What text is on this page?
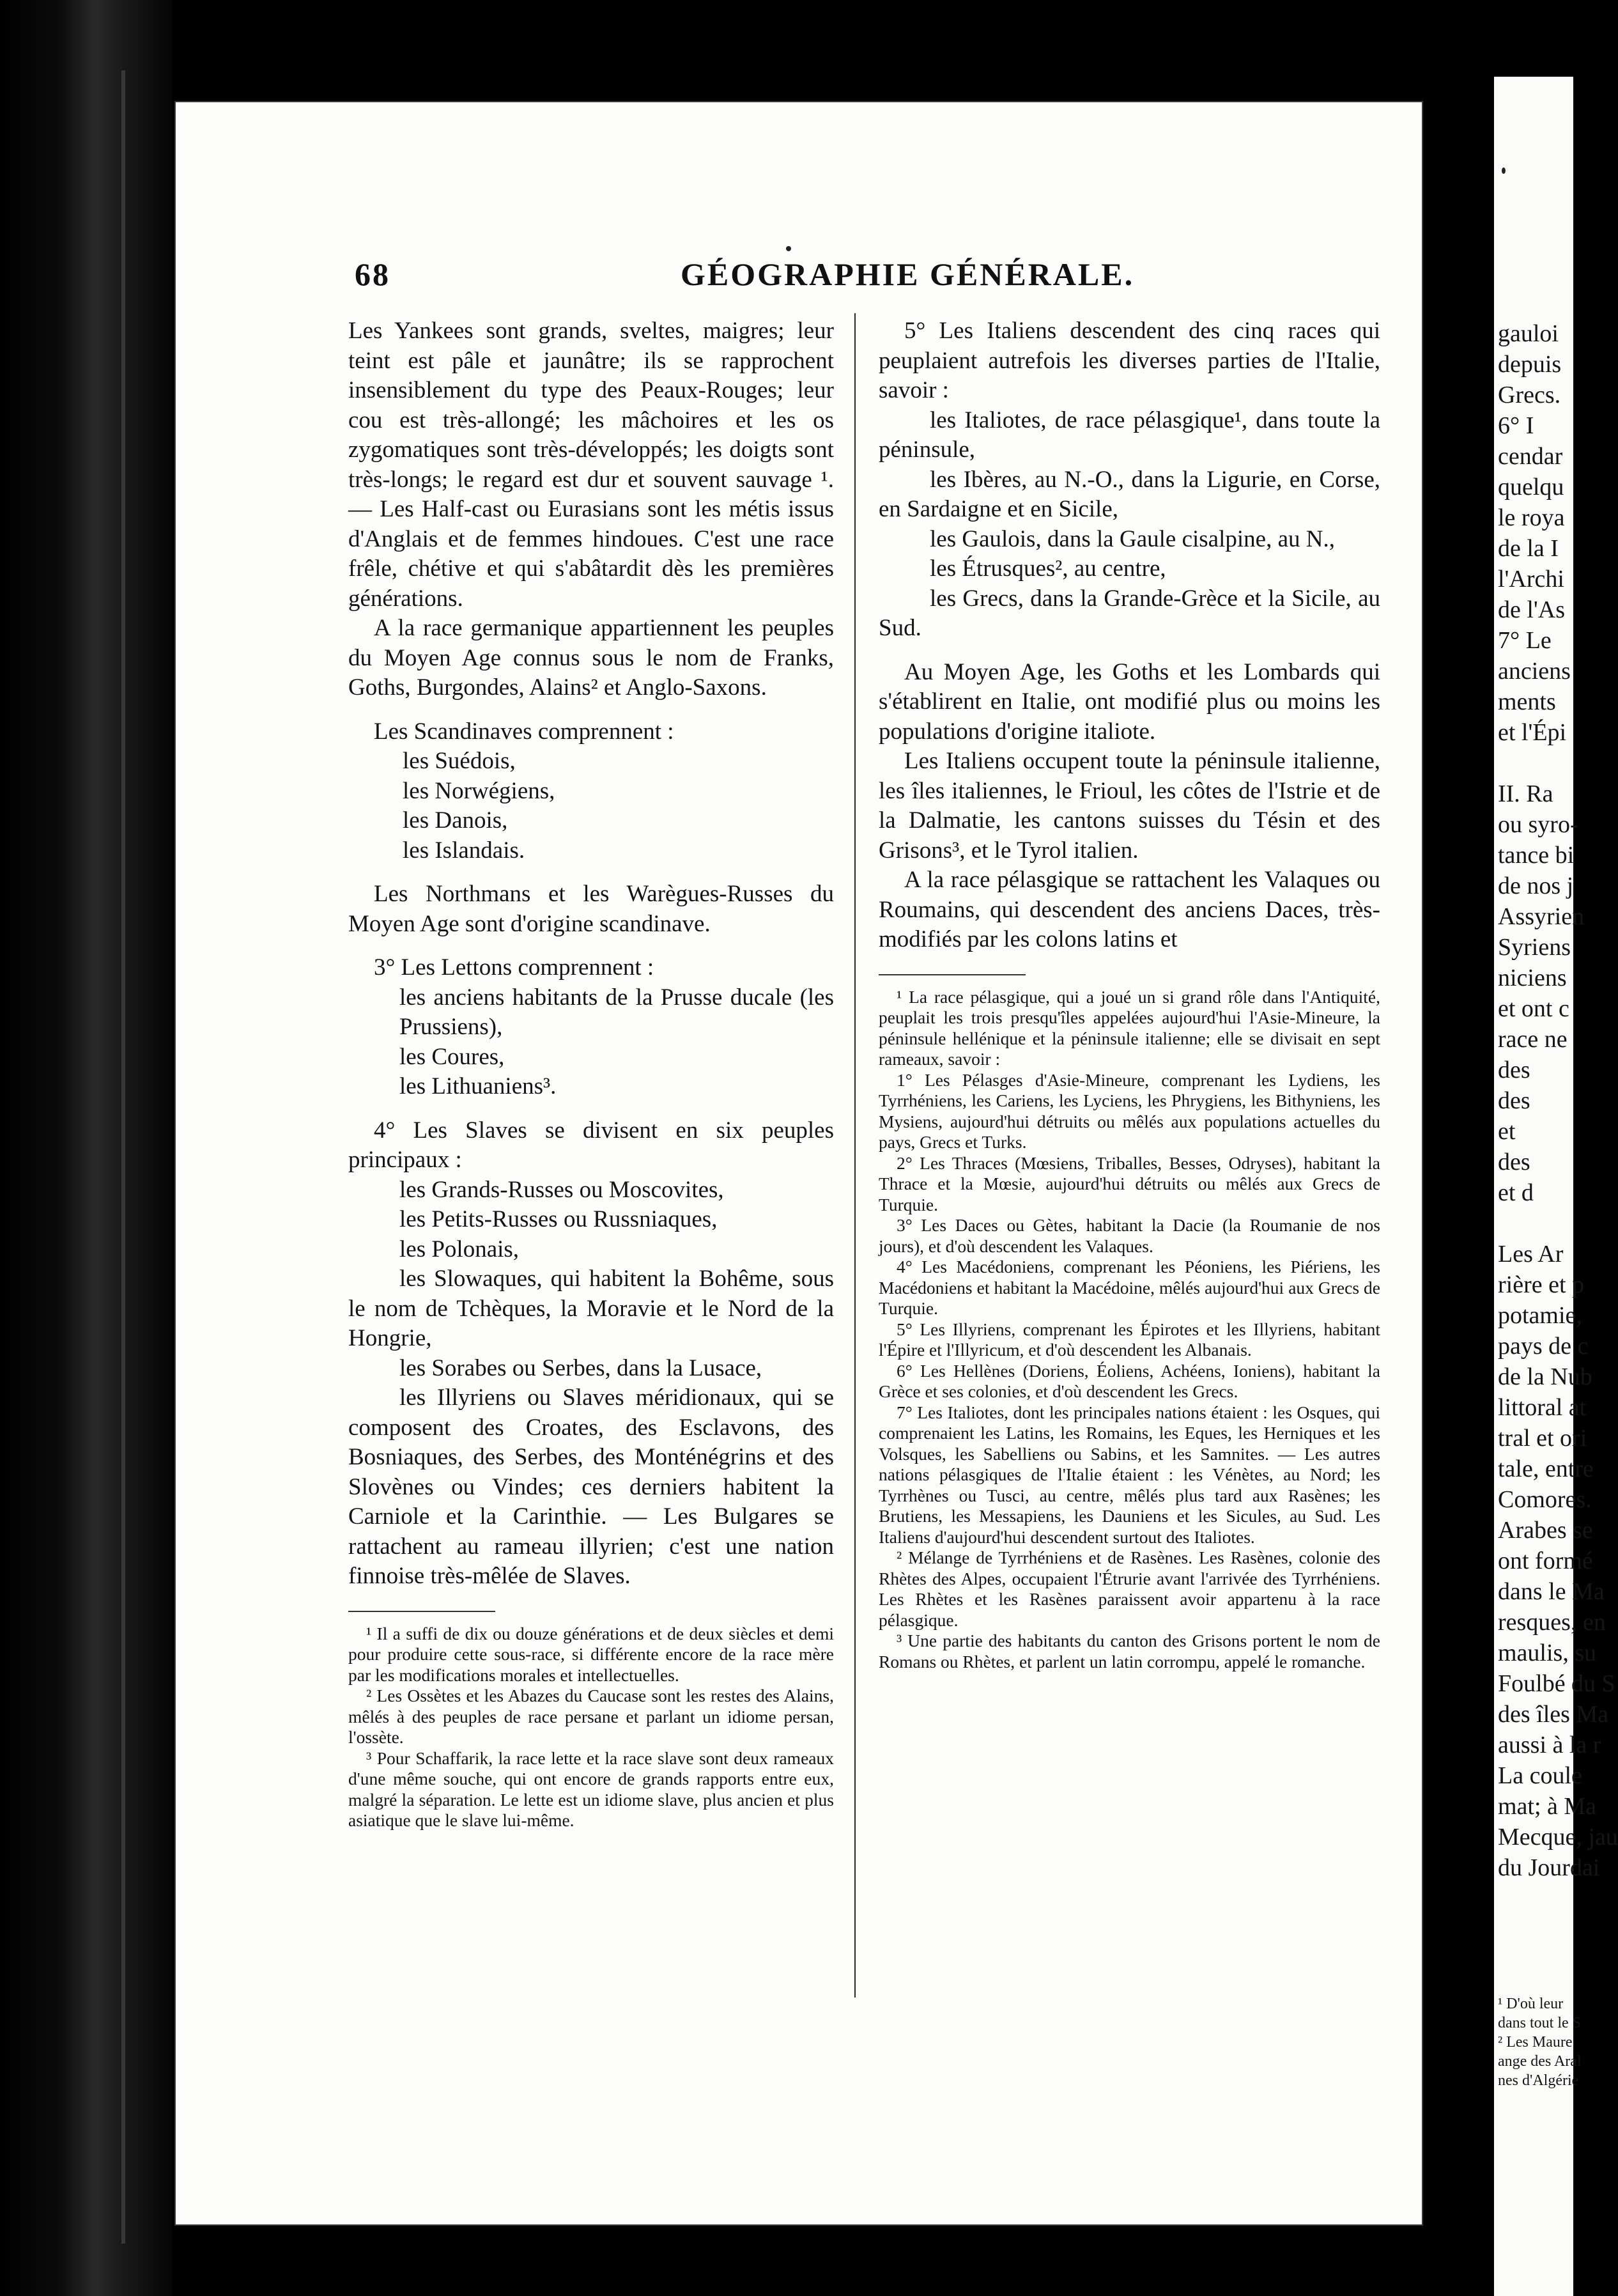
68	GÉOGRAPHIE GÉNÉRALE.

Les Yankees sont grands, sveltes, maigres; leur teint est pâle et jaunâtre; ils se rapprochent insensiblement du type des Peaux-Rouges; leur cou est très-allongé; les mâchoires et les os zygomatiques sont très-développés; les doigts sont très-longs; le regard est dur et souvent sauvage ¹. — Les Half-cast ou Eurasians sont les métis issus d'Anglais et de femmes hindoues. C'est une race frêle, chétive et qui s'abâtardit dès les premières générations.

A la race germanique appartiennent les peuples du Moyen Age connus sous le nom de Franks, Goths, Burgondes, Alains² et Anglo-Saxons.

Les Scandinaves comprennent :

les Suédois,

les Norwégiens,

les Danois,

les Islandais.

Les Northmans et les Warègues-Russes du Moyen Age sont d'origine scandinave.

3° Les Lettons comprennent :

les anciens habitants de la Prusse ducale (les Prussiens),

les Coures,

les Lithuaniens³.

4° Les Slaves se divisent en six peuples principaux :

les Grands-Russes ou Moscovites,

les Petits-Russes ou Russniaques,

les Polonais,

les Slowaques, qui habitent la Bohême, sous le nom de Tchèques, la Moravie et le Nord de la Hongrie,

les Sorabes ou Serbes, dans la Lusace,

les Illyriens ou Slaves méridionaux, qui se composent des Croates, des Esclavons, des Bosniaques, des Serbes, des Monténégrins et des Slovènes ou Vindes; ces derniers habitent la Carniole et la Carinthie. — Les Bulgares se rattachent au rameau illyrien; c'est une nation finnoise très-mêlée de Slaves.

¹ Il a suffi de dix ou douze générations et de deux siècles et demi pour produire cette sous-race, si différente encore de la race mère par les modifications morales et intellectuelles.

² Les Ossètes et les Abazes du Caucase sont les restes des Alains, mêlés à des peuples de race persane et parlant un idiome persan, l'ossète.

³ Pour Schaffarik, la race lette et la race slave sont deux rameaux d'une même souche, qui ont encore de grands rapports entre eux, malgré la séparation. Le lette est un idiome slave, plus ancien et plus asiatique que le slave lui-même.

5° Les Italiens descendent des cinq races qui peuplaient autrefois les diverses parties de l'Italie, savoir :

les Italiotes, de race pélasgique¹, dans toute la péninsule,

les Ibères, au N.-O., dans la Ligurie, en Corse, en Sardaigne et en Sicile,

les Gaulois, dans la Gaule cisalpine, au N.,

les Étrusques², au centre,

les Grecs, dans la Grande-Grèce et la Sicile, au Sud.

Au Moyen Age, les Goths et les Lombards qui s'établirent en Italie, ont modifié plus ou moins les populations d'origine italiote.

Les Italiens occupent toute la péninsule italienne, les îles italiennes, le Frioul, les côtes de l'Istrie et de la Dalmatie, les cantons suisses du Tésin et des Grisons³, et le Tyrol italien.

A la race pélasgique se rattachent les Valaques ou Roumains, qui descendent des anciens Daces, très-modifiés par les colons latins et

¹ La race pélasgique, qui a joué un si grand rôle dans l'Antiquité, peuplait les trois presqu'îles appelées aujourd'hui l'Asie-Mineure, la péninsule hellénique et la péninsule italienne; elle se divisait en sept rameaux, savoir :

1° Les Pélasges d'Asie-Mineure, comprenant les Lydiens, les Tyrrhéniens, les Cariens, les Lyciens, les Phrygiens, les Bithyniens, les Mysiens, aujourd'hui détruits ou mêlés aux populations actuelles du pays, Grecs et Turks.

2° Les Thraces (Mœsiens, Triballes, Besses, Odryses), habitant la Thrace et la Mœsie, aujourd'hui détruits ou mêlés aux Grecs de Turquie.

3° Les Daces ou Gètes, habitant la Dacie (la Roumanie de nos jours), et d'où descendent les Valaques.

4° Les Macédoniens, comprenant les Péoniens, les Piériens, les Macédoniens et habitant la Macédoine, mêlés aujourd'hui aux Grecs de Turquie.

5° Les Illyriens, comprenant les Épirotes et les Illyriens, habitant l'Épire et l'Illyricum, et d'où descendent les Albanais.

6° Les Hellènes (Doriens, Éoliens, Achéens, Ioniens), habitant la Grèce et ses colonies, et d'où descendent les Grecs.

7° Les Italiotes, dont les principales nations étaient : les Osques, qui comprenaient les Latins, les Romains, les Eques, les Herniques et les Volsques, les Sabelliens ou Sabins, et les Samnites. — Les autres nations pélasgiques de l'Italie étaient : les Vénètes, au Nord; les Tyrrhènes ou Tusci, au centre, mêlés plus tard aux Rasènes; les Brutiens, les Messapiens, les Dauniens et les Sicules, au Sud. Les Italiens d'aujourd'hui descendent surtout des Italiotes.

² Mélange de Tyrrhéniens et de Rasènes. Les Rasènes, colonie des Rhètes des Alpes, occupaient l'Étrurie avant l'arrivée des Tyrrhéniens. Les Rhètes et les Rasènes paraissent avoir appartenu à la race pélasgique.

³ Une partie des habitants du canton des Grisons portent le nom de Romans ou Rhètes, et parlent un latin corrompu, appelé le romanche.

gauloi
depuis
Grecs.
6° I
cendar
quelqu
le roya
de la I
l'Archi
de l'As
7° Le
anciens
ments
et l'Épi

II. Ra
ou syro-
tance bi
de nos j
Assyrien
Syriens
niciens
et ont c
race ne
des
des
et
des
et d

Les Ar
rière et p
potamie,
pays de c
de la Nub
littoral at
tral et ori
tale, entre
Comores.
Arabes se
ont formé
dans le Ma
resques, en
maulis, su
Foulbé du S
des îles Ma
aussi à la r
La coule
mat; à Ma
Mecque, jau
du Jourdai
¹ D'où leur
dans tout le S
² Les Maure
ange des Aral
nes d'Algérie
